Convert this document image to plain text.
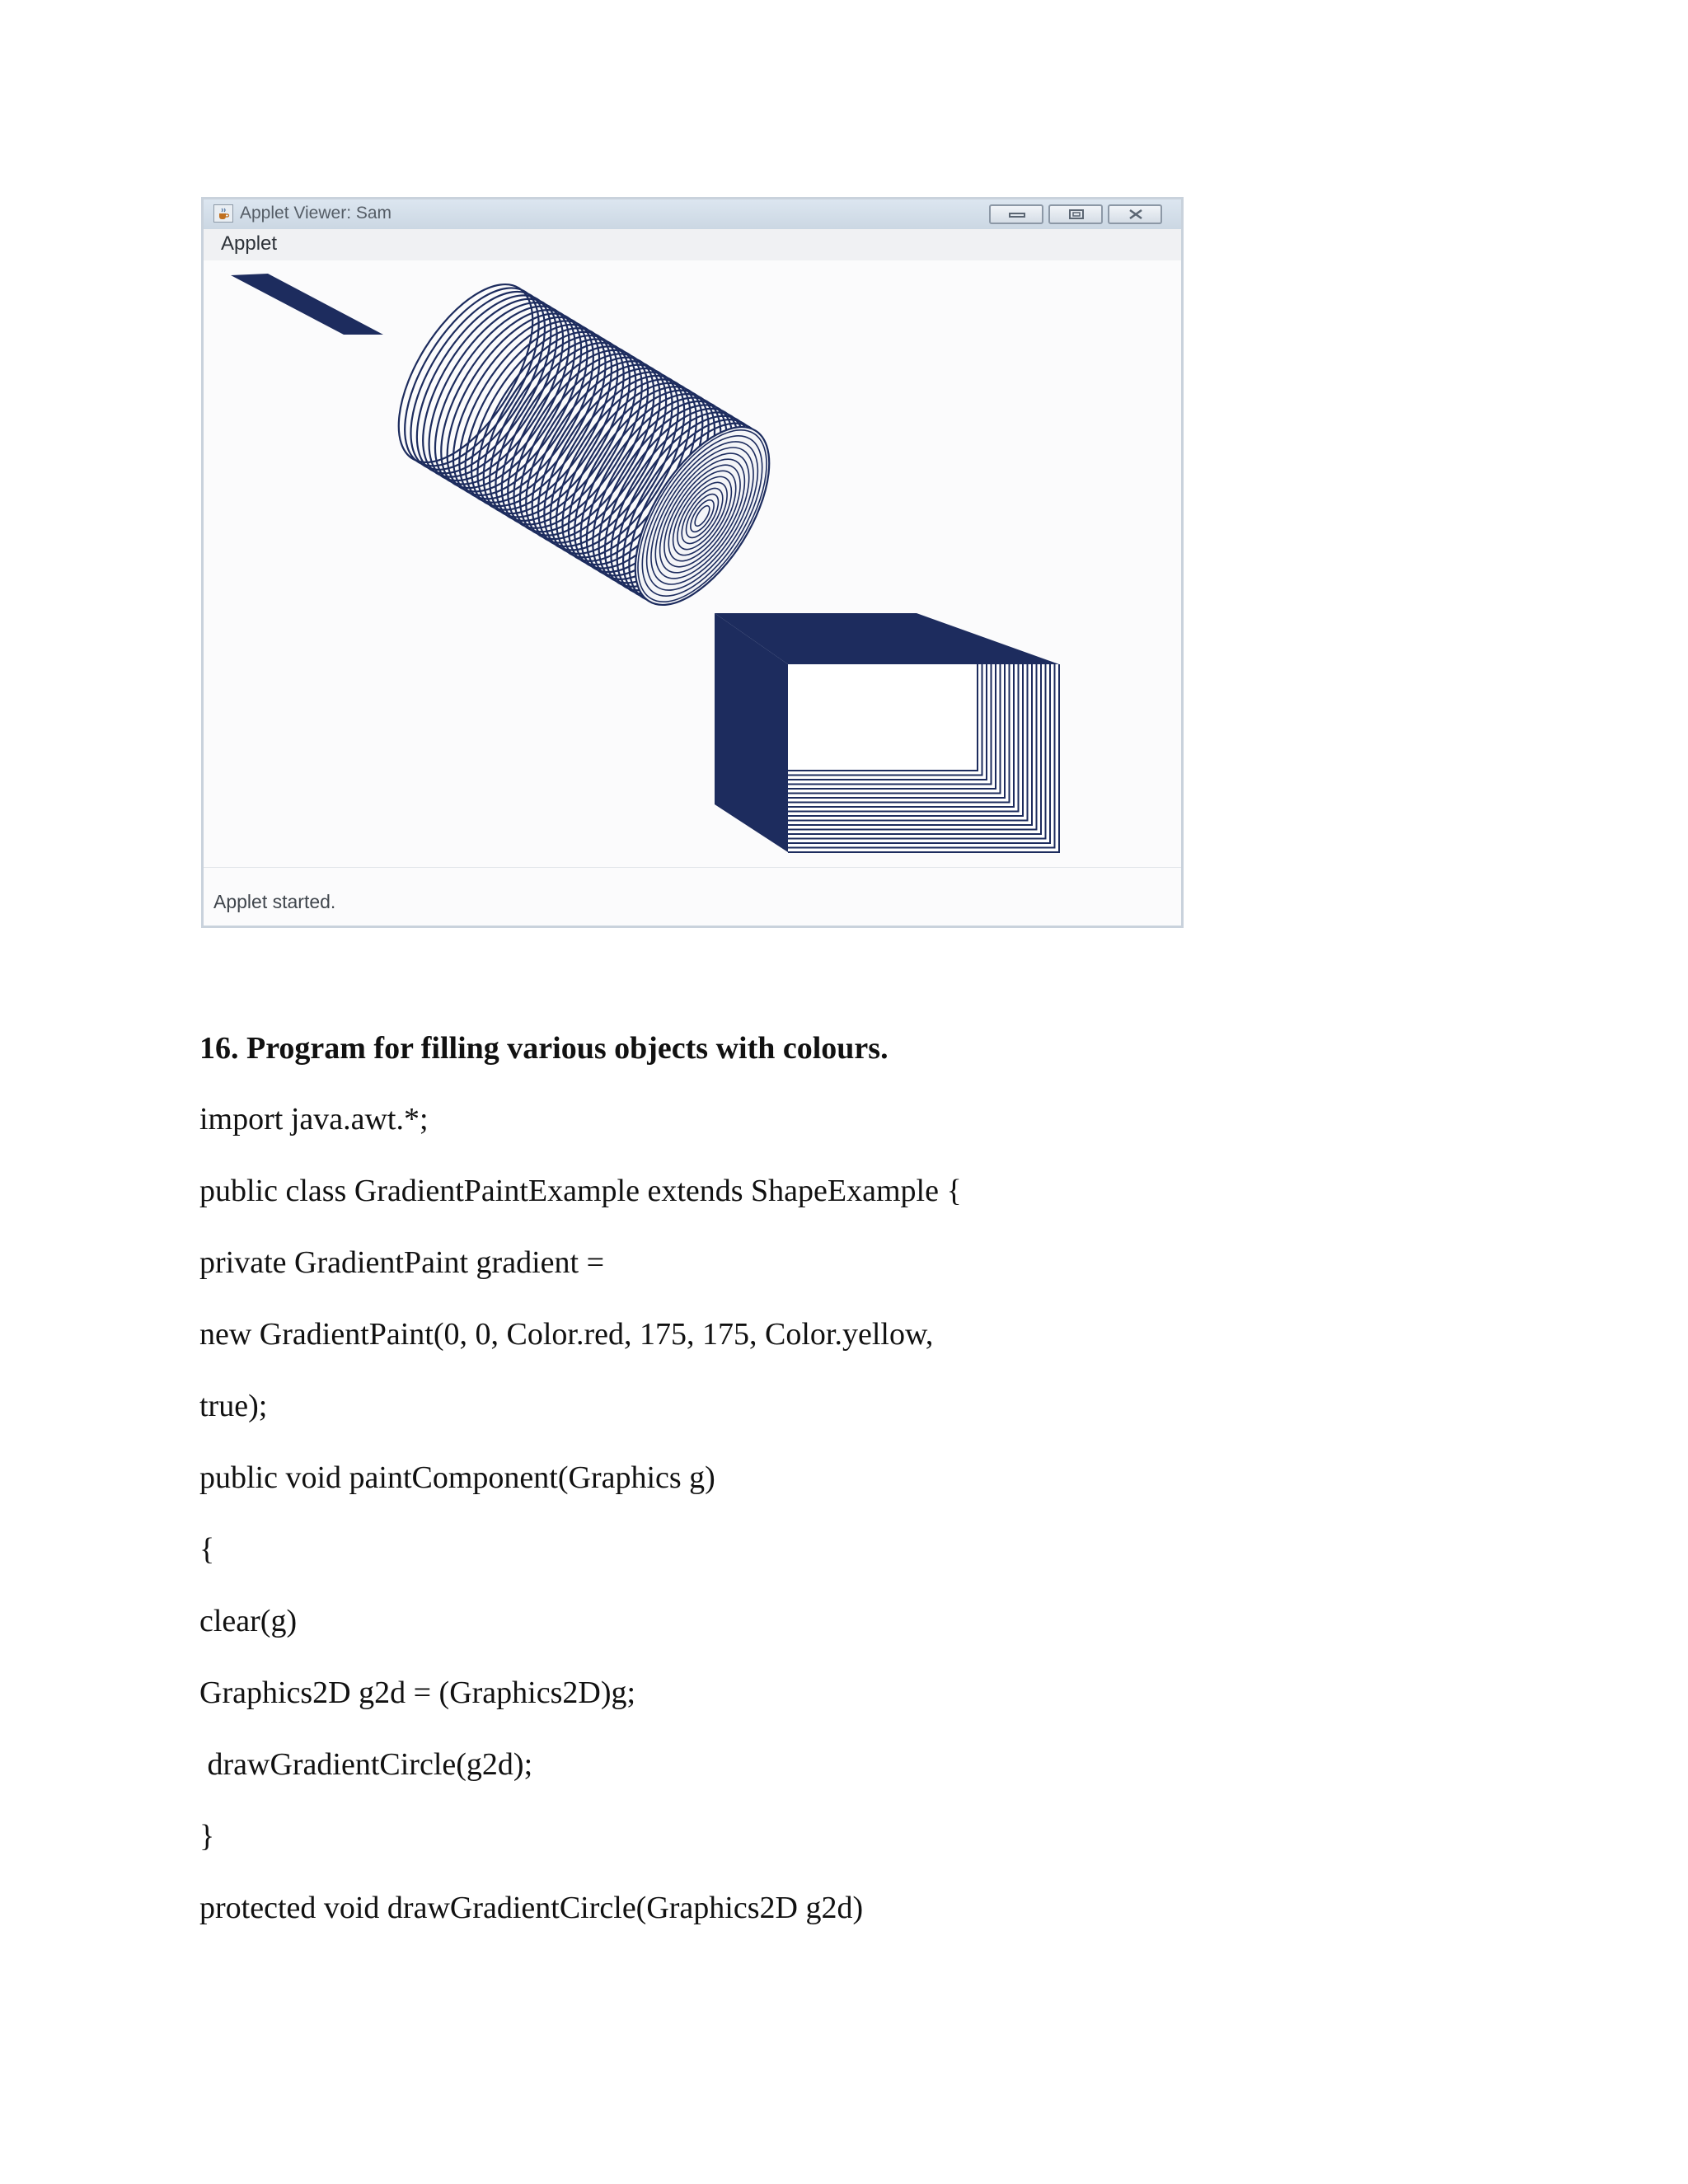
Applet Viewer: Sam
Applet
Applet started.
16. Program for filling various objects with colours.
import java.awt.*;
public class GradientPaintExample extends ShapeExample {
private GradientPaint gradient =
new GradientPaint(0, 0, Color.red, 175, 175, Color.yellow,
true);
public void paintComponent(Graphics g)
{
clear(g)
Graphics2D g2d = (Graphics2D)g;
drawGradientCircle(g2d);
}
protected void drawGradientCircle(Graphics2D g2d)
